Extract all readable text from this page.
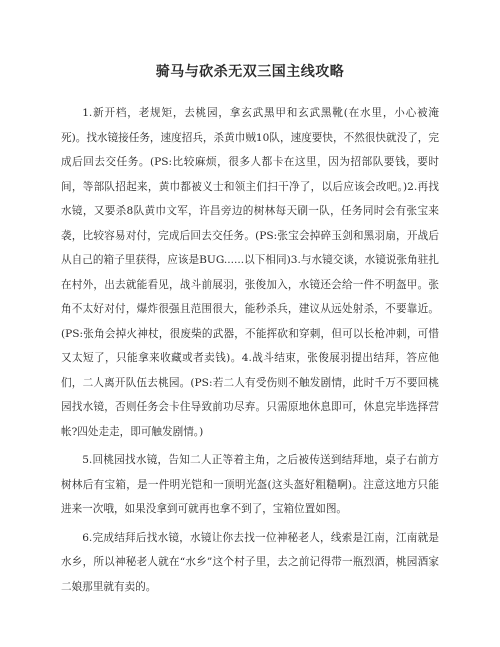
骑马与砍杀无双三国主线攻略

1.新开档，老规矩，去桃园，拿玄武黑甲和玄武黑靴(在水里，小心被淹死)。找水镜接任务，速度招兵，杀黄巾贼10队，速度要快，不然很快就没了，完成后回去交任务。(PS:比较麻烦，很多人都卡在这里，因为招部队要钱，要时间，等部队招起来，黄巾都被义士和领主们扫干净了，以后应该会改吧。)2.再找水镜，又要杀8队黄巾文军，许昌旁边的树林每天刷一队，任务同时会有张宝来袭，比较容易对付，完成后回去交任务。(PS:张宝会掉碎玉剑和黑羽扇，开战后从自己的箱子里获得，应该是BUG......以下相同)3.与水镜交谈，水镜说张角驻扎在村外，出去就能看见，战斗前展羽，张俊加入，水镜还会给一件不明盔甲。张角不太好对付，爆炸很强且范围很大，能秒杀兵，建议从远处射杀，不要靠近。(PS:张角会掉火神杖，很废柴的武器，不能挥砍和穿刺，但可以长枪冲刺，可惜又太短了，只能拿来收藏或者卖钱)。4.战斗结束，张俊展羽提出结拜，答应他们，二人离开队伍去桃园。(PS:若二人有受伤则不触发剧情，此时千万不要回桃园找水镜，否则任务会卡住导致前功尽弃。只需原地休息即可，休息完毕选择营帐?四处走走，即可触发剧情。)

5.回桃园找水镜，告知二人正等着主角，之后被传送到结拜地，桌子右前方树林后有宝箱，是一件明光铠和一顶明光盔(这头盔好粗糙啊)。注意这地方只能进来一次哦，如果没拿到可就再也拿不到了，宝箱位置如图。

6.完成结拜后找水镜，水镜让你去找一位神秘老人，线索是江南，江南就是水乡，所以神秘老人就在“水乡”这个村子里，去之前记得带一瓶烈酒，桃园酒家二娘那里就有卖的。
